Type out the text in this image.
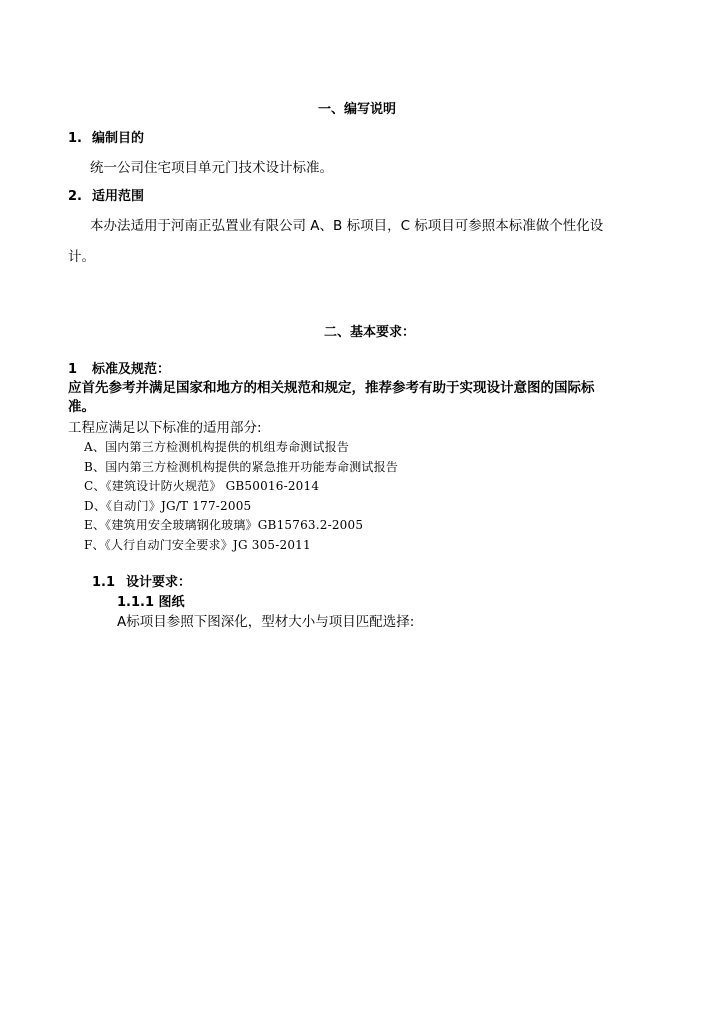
一、编写说明
1. 编制目的
统一公司住宅项目单元门技术设计标准。
2. 适用范围
本办法适用于河南正弘置业有限公司 A、B 标项目，C 标项目可参照本标准做个性化设
计。
二、基本要求：
1 标准及规范：
应首先参考并满足国家和地方的相关规范和规定，推荐参考有助于实现设计意图的国际标
准。
工程应满足以下标准的适用部分:
A、国内第三方检测机构提供的机组寿命测试报告
B、国内第三方检测机构提供的紧急推开功能寿命测试报告
C、《建筑设计防火规范》 GB50016-2014
D、《自动门》JG/T 177-2005
E、《建筑用安全玻璃钢化玻璃》GB15763.2-2005
F、《人行自动门安全要求》JG 305-2011
1.1 设计要求：
1.1.1 图纸
A标项目参照下图深化，型材大小与项目匹配选择:
